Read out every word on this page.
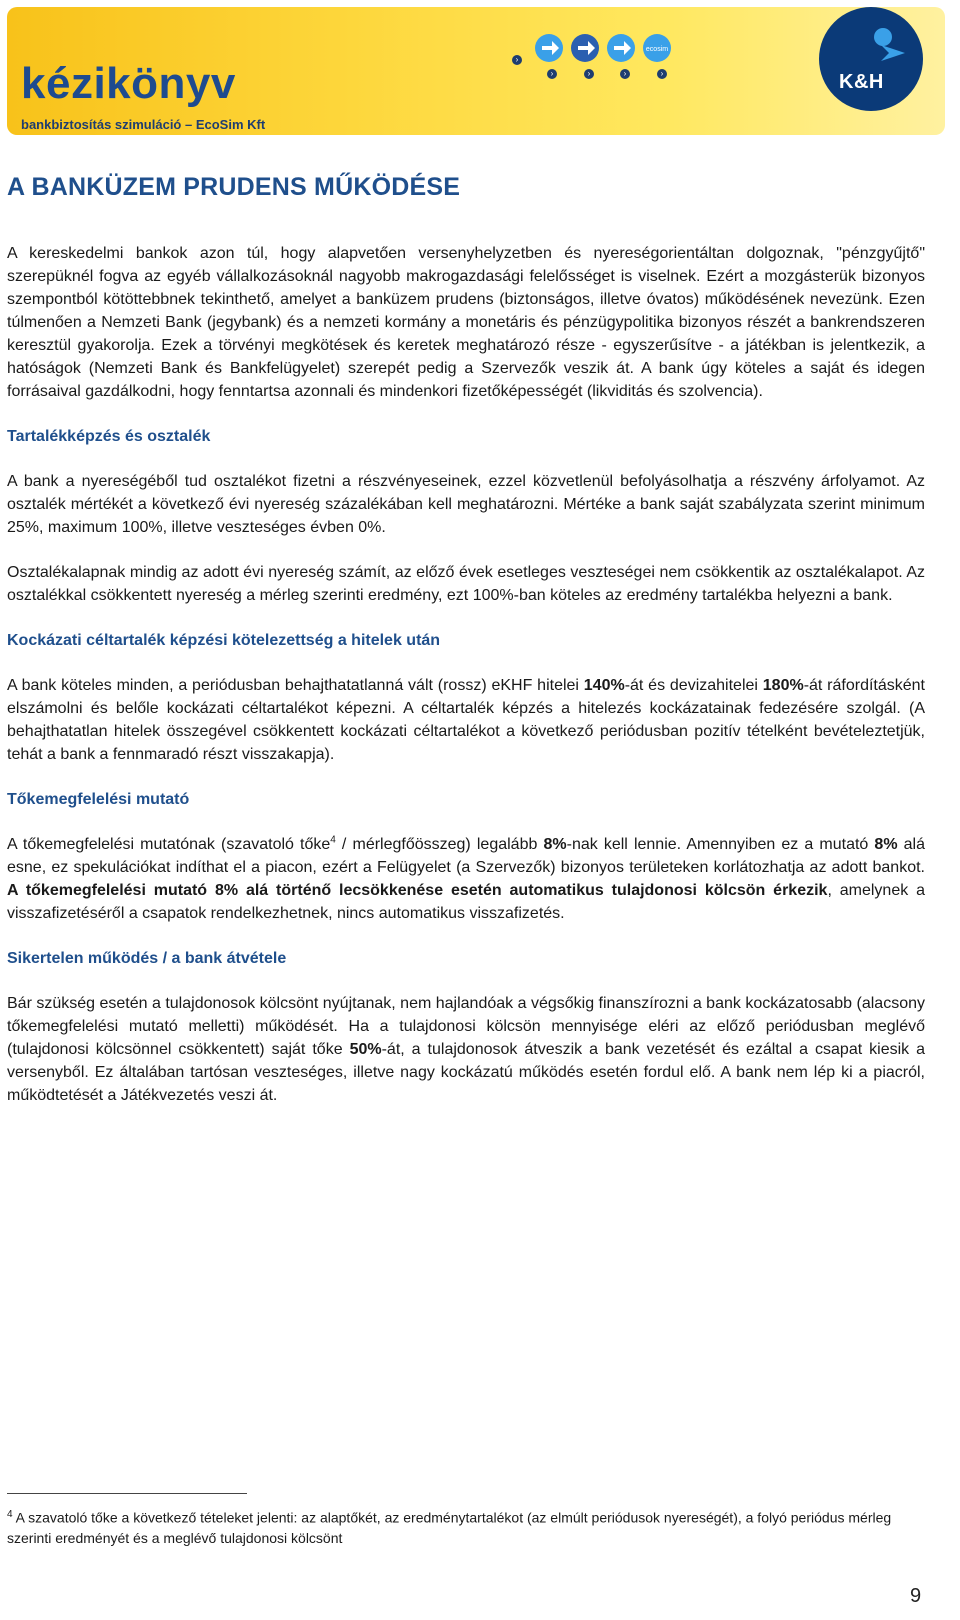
kézikönyv
bankbiztosítás szimuláció – EcoSim Kft
›
›	›	›
ecosim
›	K&H
A BANKÜZEM PRUDENS MŰKÖDÉSE

A kereskedelmi bankok azon túl, hogy alapvetően versenyhelyzetben és nyereségorientáltan dolgoznak, "pénzgyűjtő" szerepüknél fogva az egyéb vállalkozásoknál nagyobb makrogazdasági felelősséget is viselnek. Ezért a mozgásterük bizonyos szempontból kötöttebbnek tekinthető, amelyet a banküzem prudens (biztonságos, illetve óvatos) működésének nevezünk. Ezen túlmenően a Nemzeti Bank (jegybank) és a nemzeti kormány a monetáris és pénzügypolitika bizonyos részét a bankrendszeren keresztül gyakorolja. Ezek a törvényi megkötések és keretek meghatározó része - egyszerűsítve - a játékban is jelentkezik, a hatóságok (Nemzeti Bank és Bankfelügyelet) szerepét pedig a Szervezők veszik át. A bank úgy köteles a saját és idegen forrásaival gazdálkodni, hogy fenntartsa azonnali és mindenkori fizetőképességét (likviditás és szolvencia).

Tartalékképzés és osztalék

A bank a nyereségéből tud osztalékot fizetni a részvényeseinek, ezzel közvetlenül befolyásolhatja a részvény árfolyamot. Az osztalék mértékét a következő évi nyereség százalékában kell meghatározni. Mértéke a bank saját szabályzata szerint minimum 25%, maximum 100%, illetve veszteséges évben 0%.

Osztalékalapnak mindig az adott évi nyereség számít, az előző évek esetleges veszteségei nem csökkentik az osztalékalapot. Az osztalékkal csökkentett nyereség a mérleg szerinti eredmény, ezt 100%-ban köteles az eredmény tartalékba helyezni a bank.

Kockázati céltartalék képzési kötelezettség a hitelek után

A bank köteles minden, a periódusban behajthatatlanná vált (rossz) eKHF hitelei 140%-át és devizahitelei 180%-át ráfordításként elszámolni és belőle kockázati céltartalékot képezni. A céltartalék képzés a hitelezés kockázatainak fedezésére szolgál. (A behajthatatlan hitelek összegével csökkentett kockázati céltartalékot a következő periódusban pozitív tételként bevételeztetjük, tehát a bank a fennmaradó részt visszakapja).

Tőkemegfelelési mutató

A tőkemegfelelési mutatónak (szavatoló tőke$^4$ / mérlegfőösszeg) legalább 8%-nak kell lennie. Amennyiben ez a mutató 8% alá esne, ez spekulációkat indíthat el a piacon, ezért a Felügyelet (a Szervezők) bizonyos területeken korlátozhatja az adott bankot. A tőkemegfelelési mutató 8% alá történő lecsökkenése esetén automatikus tulajdonosi kölcsön érkezik, amelynek a visszafizetéséről a csapatok rendelkezhetnek, nincs automatikus visszafizetés.

Sikertelen működés / a bank átvétele

Bár szükség esetén a tulajdonosok kölcsönt nyújtanak, nem hajlandóak a végsőkig finanszírozni a bank kockázatosabb (alacsony tőkemegfelelési mutató melletti) működését. Ha a tulajdonosi kölcsön mennyisége eléri az előző periódusban meglévő (tulajdonosi kölcsönnel csökkentett) saját tőke 50%-át, a tulajdonosok átveszik a bank vezetését és ezáltal a csapat kiesik a versenyből. Ez általában tartósan veszteséges, illetve nagy kockázatú működés esetén fordul elő. A bank nem lép ki a piacról, működtetését a Játékvezetés veszi át.

$^4$ A szavatoló tőke a következő tételeket jelenti: az alaptőkét, az eredménytartalékot (az elmúlt periódusok nyereségét), a folyó periódus mérleg szerinti eredményét és a meglévő tulajdonosi kölcsönt
9
